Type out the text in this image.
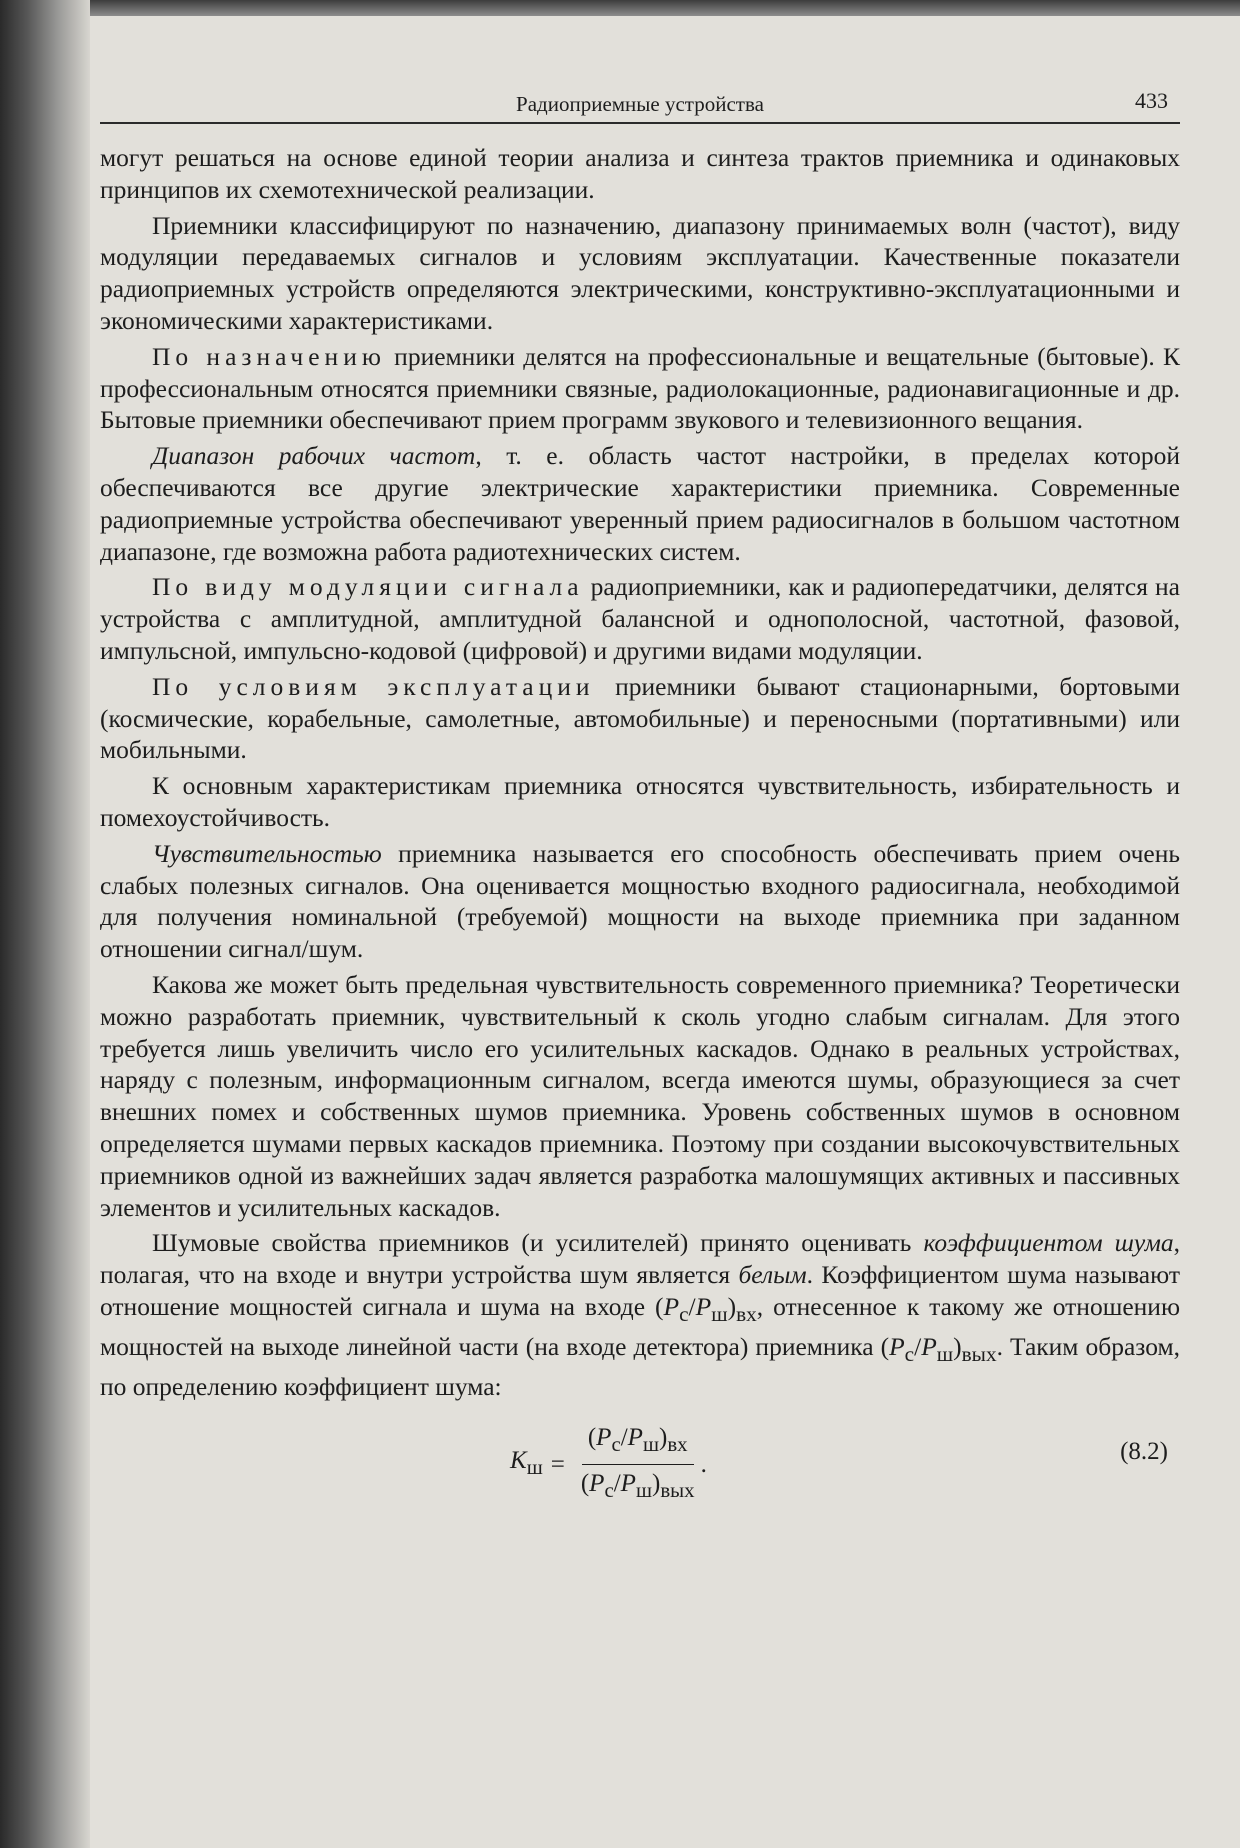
Радиоприемные устройства	433

могут решаться на основе единой теории анализа и синтеза трактов приемника и одинаковых принципов их схемотехнической реализации.

Приемники классифицируют по назначению, диапазону принимаемых волн (частот), виду модуляции передаваемых сигналов и условиям эксплуатации. Качественные показатели радиоприемных устройств определяются электрическими, конструктивно-эксплуатационными и экономическими характеристиками.

По назначению приемники делятся на профессиональные и вещательные (бытовые). К профессиональным относятся приемники связные, радиолокационные, радионавигационные и др. Бытовые приемники обеспечивают прием программ звукового и телевизионного вещания.

Диапазон рабочих частот, т. е. область частот настройки, в пределах которой обеспечиваются все другие электрические характеристики приемника. Современные радиоприемные устройства обеспечивают уверенный прием радиосигналов в большом частотном диапазоне, где возможна работа радиотехнических систем.

По виду модуляции сигнала радиоприемники, как и радиопередатчики, делятся на устройства с амплитудной, амплитудной балансной и однополосной, частотной, фазовой, импульсной, импульсно-кодовой (цифровой) и другими видами модуляции.

По условиям эксплуатации приемники бывают стационарными, бортовыми (космические, корабельные, самолетные, автомобильные) и переносными (портативными) или мобильными.

К основным характеристикам приемника относятся чувствительность, избирательность и помехоустойчивость.

Чувствительностью приемника называется его способность обеспечивать прием очень слабых полезных сигналов. Она оценивается мощностью входного радиосигнала, необходимой для получения номинальной (требуемой) мощности на выходе приемника при заданном отношении сигнал/шум.

Какова же может быть предельная чувствительность современного приемника? Теоретически можно разработать приемник, чувствительный к сколь угодно слабым сигналам. Для этого требуется лишь увеличить число его усилительных каскадов. Однако в реальных устройствах, наряду с полезным, информационным сигналом, всегда имеются шумы, образующиеся за счет внешних помех и собственных шумов приемника. Уровень собственных шумов в основном определяется шумами первых каскадов приемника. Поэтому при создании высокочувствительных приемников одной из важнейших задач является разработка малошумящих активных и пассивных элементов и усилительных каскадов.

Шумовые свойства приемников (и усилителей) принято оценивать коэффициентом шума, полагая, что на входе и внутри устройства шум является белым. Коэффициентом шума называют отношение мощностей сигнала и шума на входе $(P_с/P_ш)_{вх}$, отнесенное к такому же отношению мощностей на выходе линейной части (на входе детектора) приемника $(P_с/P_ш)_{вых}$. Таким образом, по определению коэффициент шума:

$K_ш = \frac{(P_с/P_ш)_{вх}}{(P_с/P_ш)_{вых}}$ .	(8.2)
